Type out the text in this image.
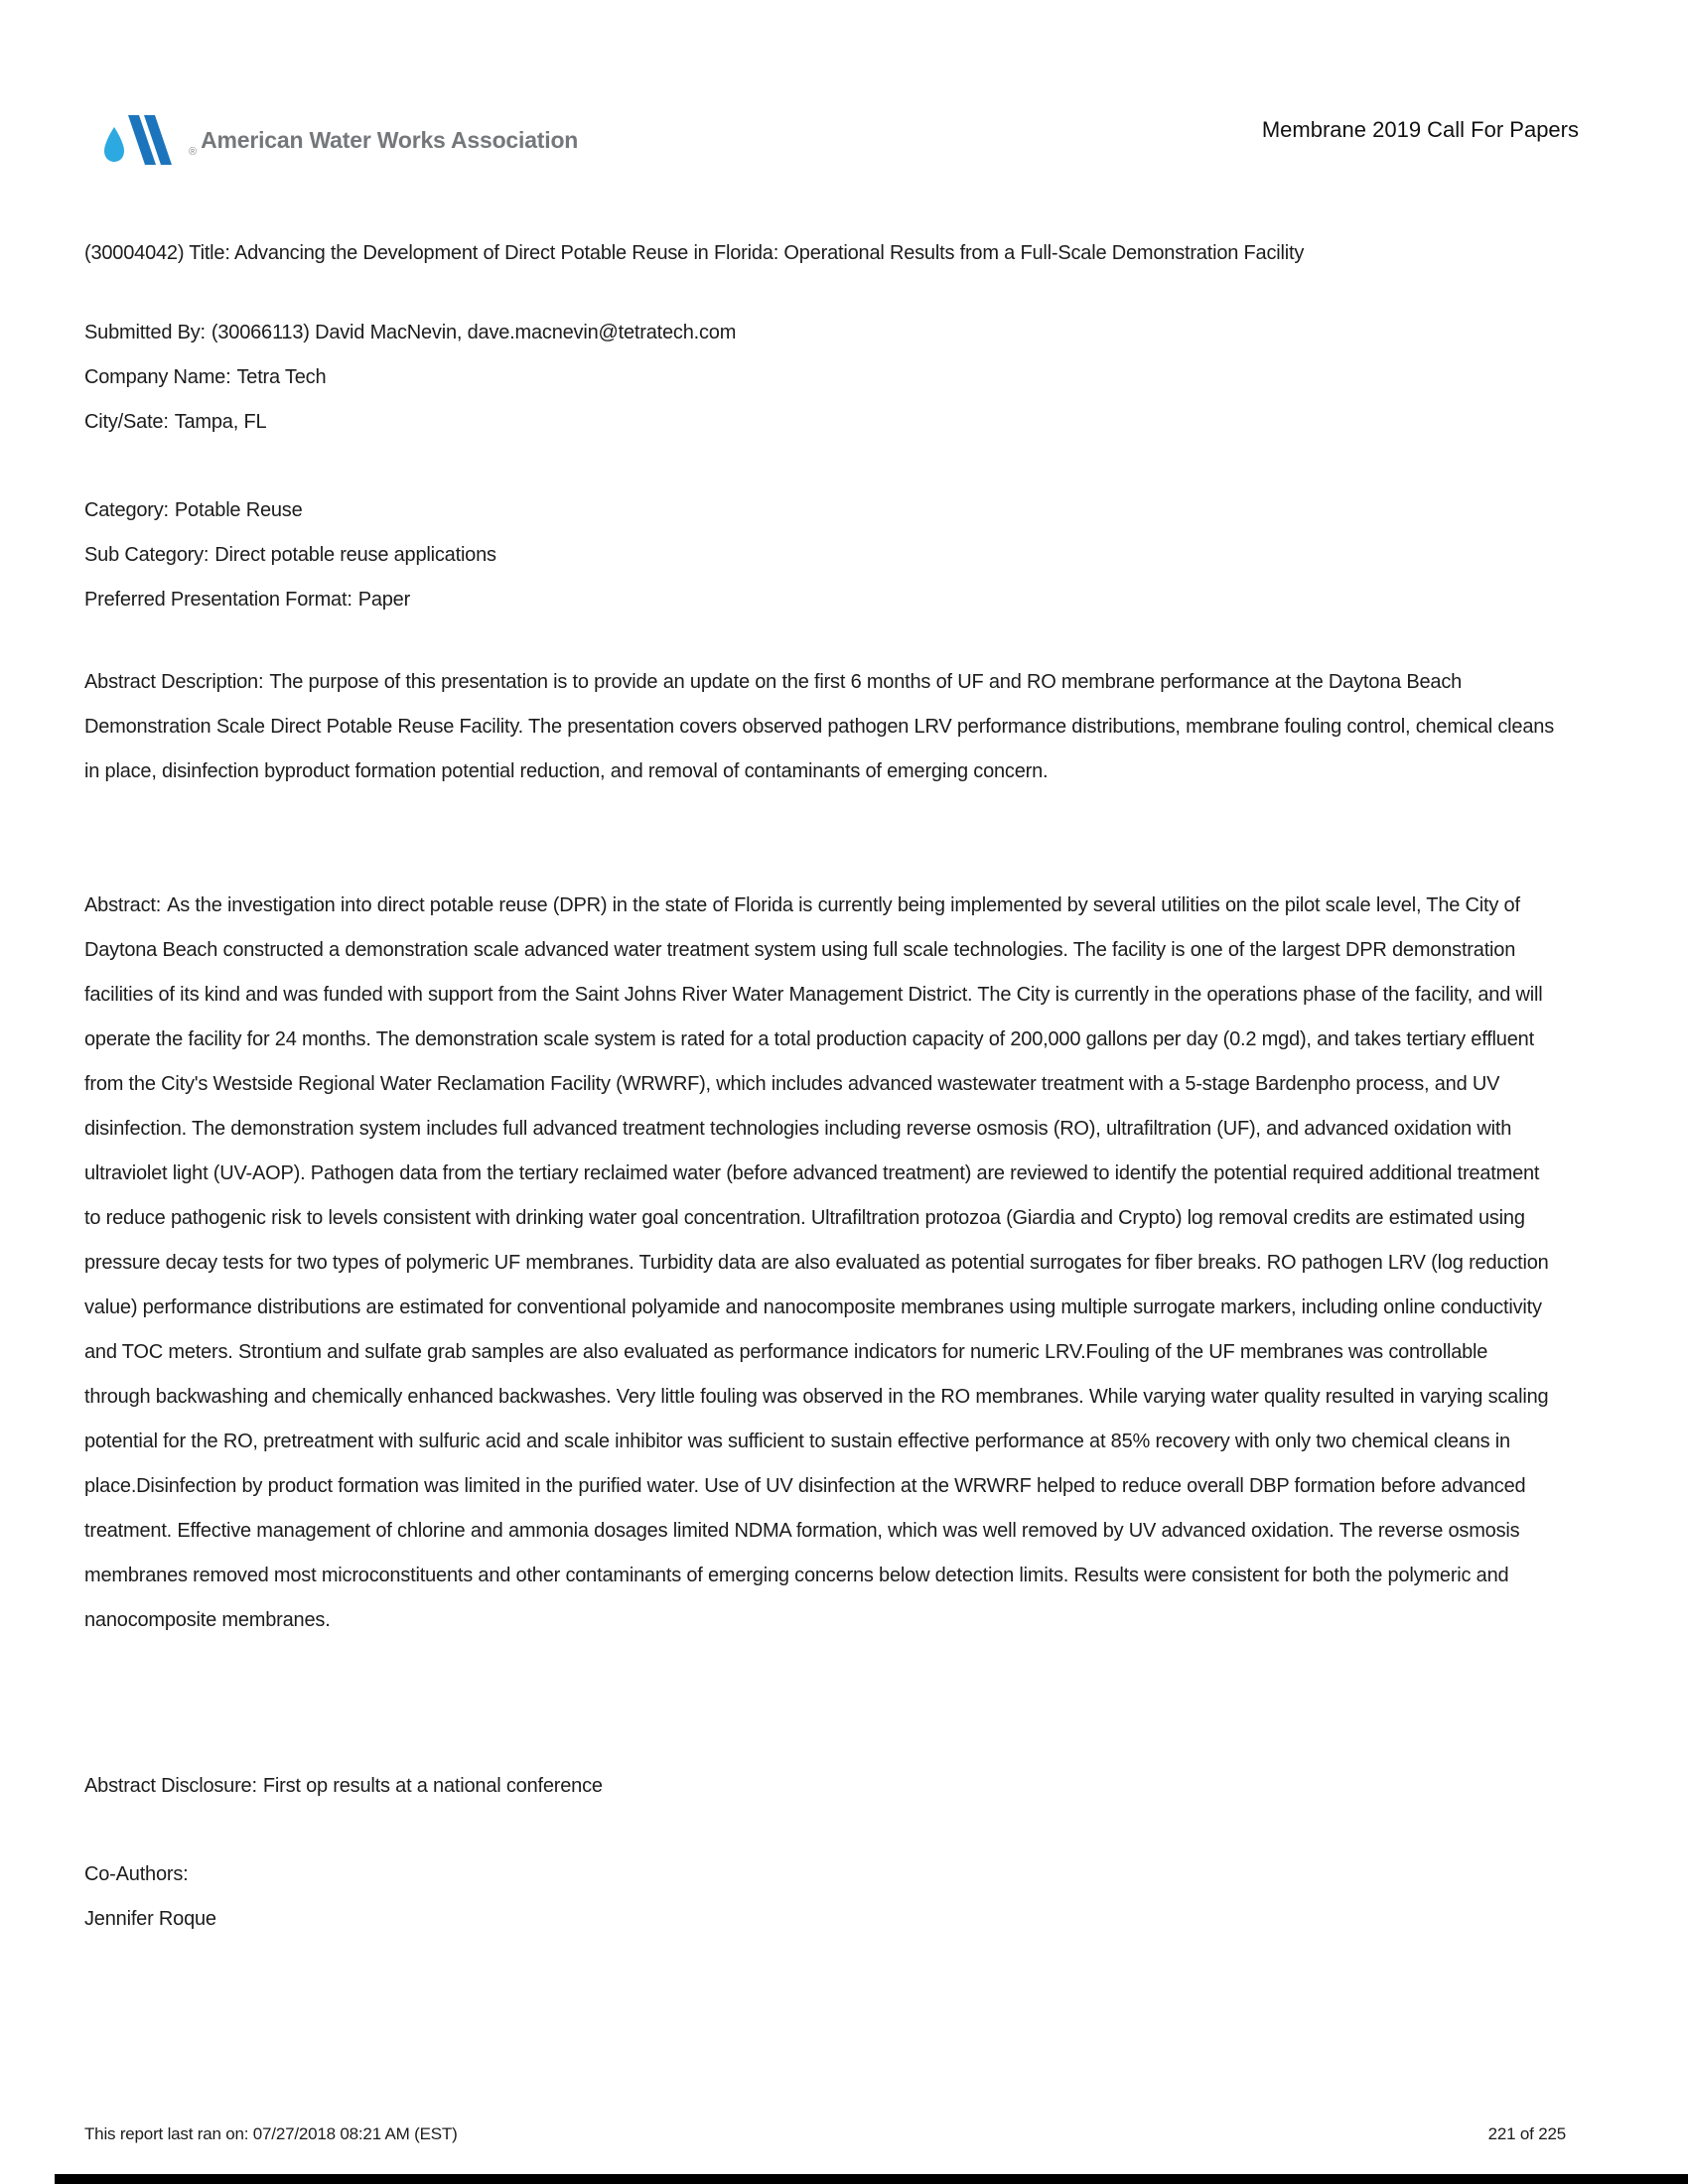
® American Water Works Association	Membrane 2019 Call For Papers
(30004042) Title: Advancing the Development of Direct Potable Reuse in Florida: Operational Results from a Full-Scale Demonstration Facility
Submitted By: (30066113) David MacNevin, dave.macnevin@tetratech.com
Company Name: Tetra Tech
City/Sate: Tampa, FL
Category: Potable Reuse
Sub Category: Direct potable reuse applications
Preferred Presentation Format: Paper
Abstract Description: The purpose of this presentation is to provide an update on the first 6 months of UF and RO membrane performance at the Daytona Beach Demonstration Scale Direct Potable Reuse Facility. The presentation covers observed pathogen LRV performance distributions, membrane fouling control, chemical cleans in place, disinfection byproduct formation potential reduction, and removal of contaminants of emerging concern.
Abstract: As the investigation into direct potable reuse (DPR) in the state of Florida is currently being implemented by several utilities on the pilot scale level, The City of Daytona Beach constructed a demonstration scale advanced water treatment system using full scale technologies. The facility is one of the largest DPR demonstration facilities of its kind and was funded with support from the Saint Johns River Water Management District. The City is currently in the operations phase of the facility, and will operate the facility for 24 months. The demonstration scale system is rated for a total production capacity of 200,000 gallons per day (0.2 mgd), and takes tertiary effluent from the City's Westside Regional Water Reclamation Facility (WRWRF), which includes advanced wastewater treatment with a 5-stage Bardenpho process, and UV disinfection. The demonstration system includes full advanced treatment technologies including reverse osmosis (RO), ultrafiltration (UF), and advanced oxidation with ultraviolet light (UV-AOP). Pathogen data from the tertiary reclaimed water (before advanced treatment) are reviewed to identify the potential required additional treatment to reduce pathogenic risk to levels consistent with drinking water goal concentration. Ultrafiltration protozoa (Giardia and Crypto) log removal credits are estimated using pressure decay tests for two types of polymeric UF membranes. Turbidity data are also evaluated as potential surrogates for fiber breaks. RO pathogen LRV (log reduction value) performance distributions are estimated for conventional polyamide and nanocomposite membranes using multiple surrogate markers, including online conductivity and TOC meters. Strontium and sulfate grab samples are also evaluated as performance indicators for numeric LRV.Fouling of the UF membranes was controllable through backwashing and chemically enhanced backwashes. Very little fouling was observed in the RO membranes. While varying water quality resulted in varying scaling potential for the RO, pretreatment with sulfuric acid and scale inhibitor was sufficient to sustain effective performance at 85% recovery with only two chemical cleans in place.Disinfection by product formation was limited in the purified water. Use of UV disinfection at the WRWRF helped to reduce overall DBP formation before advanced treatment. Effective management of chlorine and ammonia dosages limited NDMA formation, which was well removed by UV advanced oxidation. The reverse osmosis membranes removed most microconstituents and other contaminants of emerging concerns below detection limits. Results were consistent for both the polymeric and nanocomposite membranes.
Abstract Disclosure: First op results at a national conference
Co-Authors:
Jennifer Roque
This report last ran on: 07/27/2018 08:21 AM (EST)	221 of 225
